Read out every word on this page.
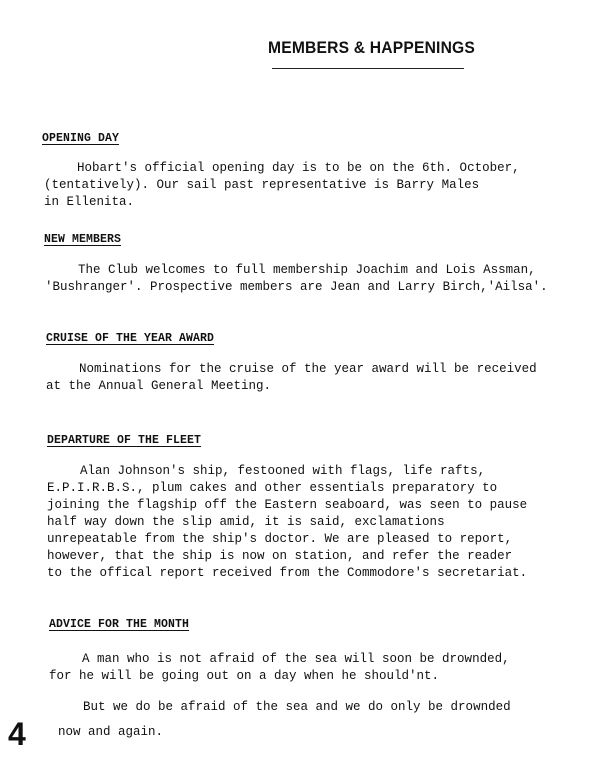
MEMBERS & HAPPENINGS
OPENING DAY
Hobart's official opening day is to be on the 6th. October,
(tentatively). Our sail past representative is Barry Males
in Ellenita.
NEW MEMBERS
The Club welcomes to full membership Joachim and Lois Assman,
'Bushranger'. Prospective members are Jean and Larry Birch,'Ailsa'.
CRUISE OF THE YEAR AWARD
Nominations for the cruise of the year award will be received
at the Annual General Meeting.
DEPARTURE OF THE FLEET
Alan Johnson's ship, festooned with flags, life rafts,
E.P.I.R.B.S., plum cakes and other essentials preparatory to
joining the flagship off the Eastern seaboard, was seen to pause
half way down the slip amid, it is said, exclamations
unrepeatable from the ship's doctor. We are pleased to report,
however, that the ship is now on station, and refer the reader
to the offical report received from the Commodore's secretariat.
ADVICE FOR THE MONTH
A man who is not afraid of the sea will soon be drownded,
for he will be going out on a day when he should'nt.
But we do be afraid of the sea and we do only be drownded
now and again.
4
